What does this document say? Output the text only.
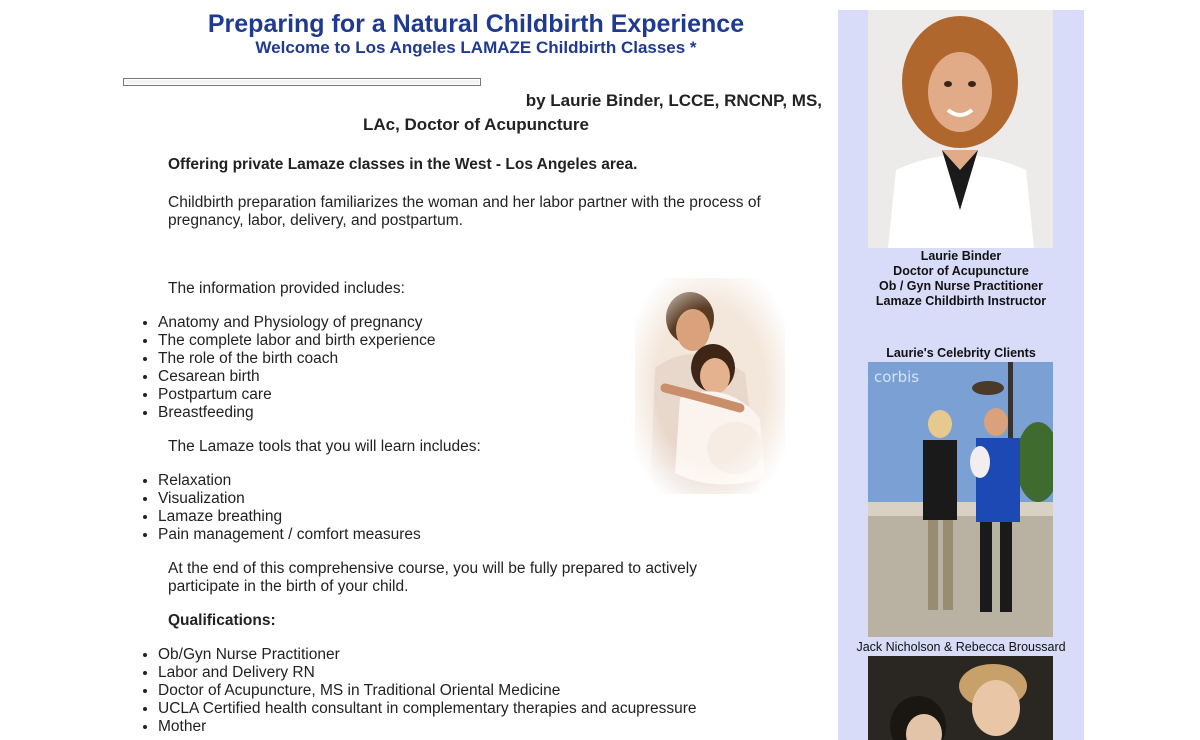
Preparing for a Natural Childbirth Experience
Welcome to Los Angeles LAMAZE Childbirth Classes *
by Laurie Binder, LCCE, RNCNP, MS,
LAc, Doctor of Acupuncture
Offering private Lamaze classes in the West - Los Angeles area.
Childbirth preparation familiarizes the woman and her labor partner with the process of pregnancy, labor, delivery, and postpartum.
The information provided includes:
• Anatomy and Physiology of pregnancy
• The complete labor and birth experience
• The role of the birth coach
• Cesarean birth
• Postpartum care
• Breastfeeding
The Lamaze tools that you will learn includes:
• Relaxation
• Visualization
• Lamaze breathing
• Pain management / comfort measures
At the end of this comprehensive course, you will be fully prepared to actively participate in the birth of your child.
Qualifications:
• Ob/Gyn Nurse Practitioner
• Labor and Delivery RN
• Doctor of Acupuncture, MS in Traditional Oriental Medicine
• UCLA Certified health consultant in complementary therapies and acupressure
• Mother
Laurie Binder
Doctor of Acupuncture
Ob / Gyn Nurse Practitioner
Lamaze Childbirth Instructor
Laurie's Celebrity Clients
corbis
Jack Nicholson & Rebecca Broussard
